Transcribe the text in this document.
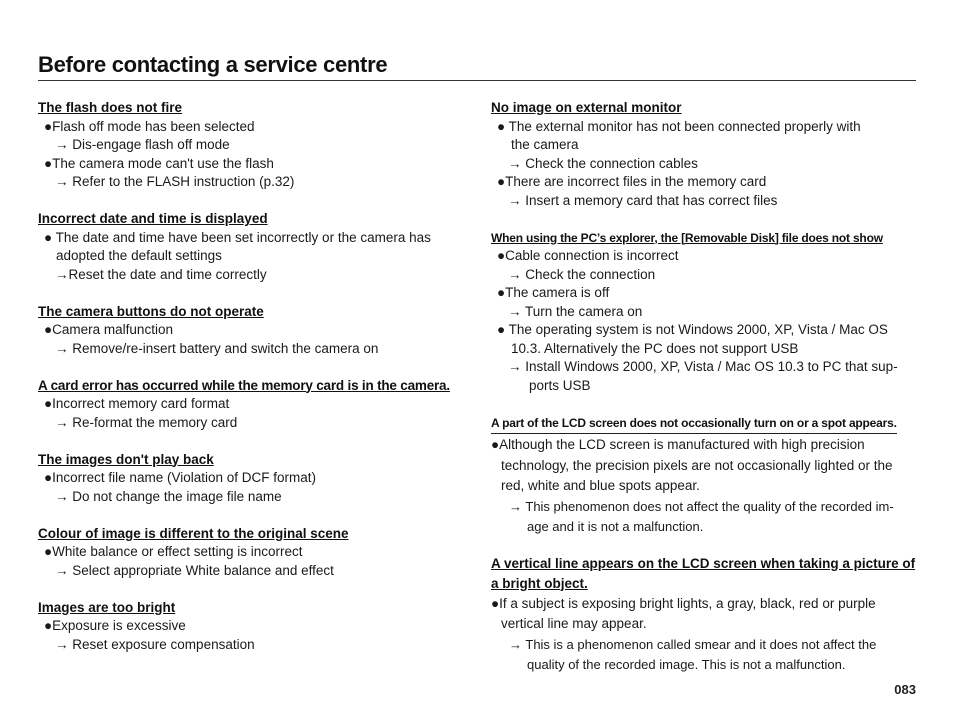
Before contacting a service centre

The flash does not fire

●Flash off mode has been selected

→ Dis-engage flash off mode

●The camera mode can't use the flash

→ Refer to the FLASH instruction (p.32)

Incorrect date and time is displayed

● The date and time have been set incorrectly or the camera has

adopted the default settings

→Reset the date and time correctly

The camera buttons do not operate

●Camera malfunction

→ Remove/re-insert battery and switch the camera on

A card error has occurred while the memory card is in the camera.

●Incorrect memory card format

→ Re-format the memory card

The images don't play back

●Incorrect file name (Violation of DCF format)

→ Do not change the image file name

Colour of image is different to the original scene

●White balance or effect setting is incorrect

→ Select appropriate White balance and effect

Images are too bright

●Exposure is excessive

→ Reset exposure compensation

No image on external monitor

● The external monitor has not been connected properly with

the camera

→ Check the connection cables

●There are incorrect files in the memory card

→ Insert a memory card that has correct files

When using the PC’s explorer, the [Removable Disk] file does not show

●Cable connection is incorrect

→ Check the connection

●The camera is off

→ Turn the camera on

● The operating system is not Windows 2000, XP, Vista / Mac OS

10.3. Alternatively the PC does not support USB

→ Install Windows 2000, XP, Vista / Mac OS 10.3 to PC that sup-

ports USB

A part of the LCD screen does not occasionally turn on or a spot appears.

●Although the LCD screen is manufactured with high precision

technology, the precision pixels are not occasionally lighted or the

red, white and blue spots appear.

→ This phenomenon does not affect the quality of the recorded im-

age and it is not a malfunction.

A vertical line appears on the LCD screen when taking a picture of
a bright object.

●If a subject is exposing bright lights, a gray, black, red or purple

vertical line may appear.

→ This is a phenomenon called smear and it does not affect the

quality of the recorded image. This is not a malfunction.

083
